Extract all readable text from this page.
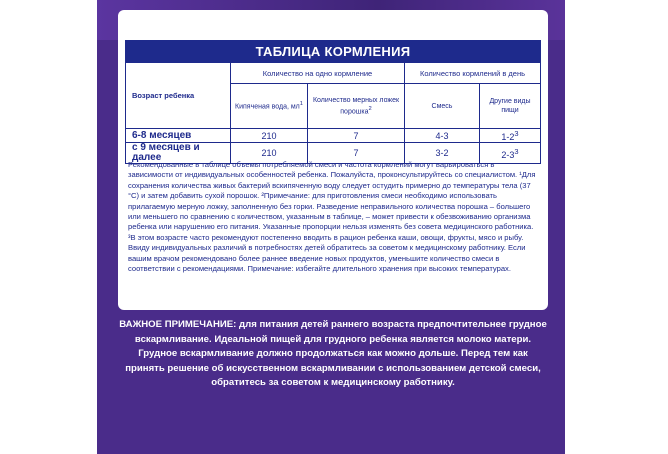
ТАБЛИЦА КОРМЛЕНИЯ
Возраст ребенка	Количество на одно кормление		Количество кормлений в день	
	Кипяченая вода, $мл^1$	Количество мерных ложек порошка$^2$	Смесь	Другие виды пищи
6-8 месяцев	210	7	4-3	$1-2^3$
с 9 месяцев и далее	210	7	3-2	$2-3^3$

Рекомендованные в таблице объемы потребляемой смеси и частота кормлений могут варьироваться в зависимости от индивидуальных особенностей ребенка. Пожалуйста, проконсультируйтесь со специалистом. ¹Для сохранения количества живых бактерий вскипяченную воду следует остудить примерно до температуры тела (37 °С) и затем добавить сухой порошок. ²Примечание: для приготовления смеси необходимо использовать прилагаемую мерную ложку, заполненную без горки. Разведение неправильного количества порошка – большего или меньшего по сравнению с количеством, указанным в таблице, – может привести к обезвоживанию организма ребенка или нарушению его питания. Указанные пропорции нельзя изменять без совета медицинского работника. ³В этом возрасте часто рекомендуют постепенно вводить в рацион ребенка каши, овощи, фрукты, мясо и рыбу. Ввиду индивидуальных различий в потребностях детей обратитесь за советом к медицинскому работнику. Если вашим врачом рекомендовано более раннее введение новых продуктов, уменьшите количество смеси в соответствии с рекомендациями. Примечание: избегайте длительного хранения при высоких температурах.

ВАЖНОЕ ПРИМЕЧАНИЕ: для питания детей раннего возраста предпочтительнее грудное вскармливание. Идеальной пищей для грудного ребенка является молоко матери. Грудное вскармливание должно продолжаться как можно дольше. Перед тем как принять решение об искусственном вскармливании с использованием детской смеси, обратитесь за советом к медицинскому работнику.
